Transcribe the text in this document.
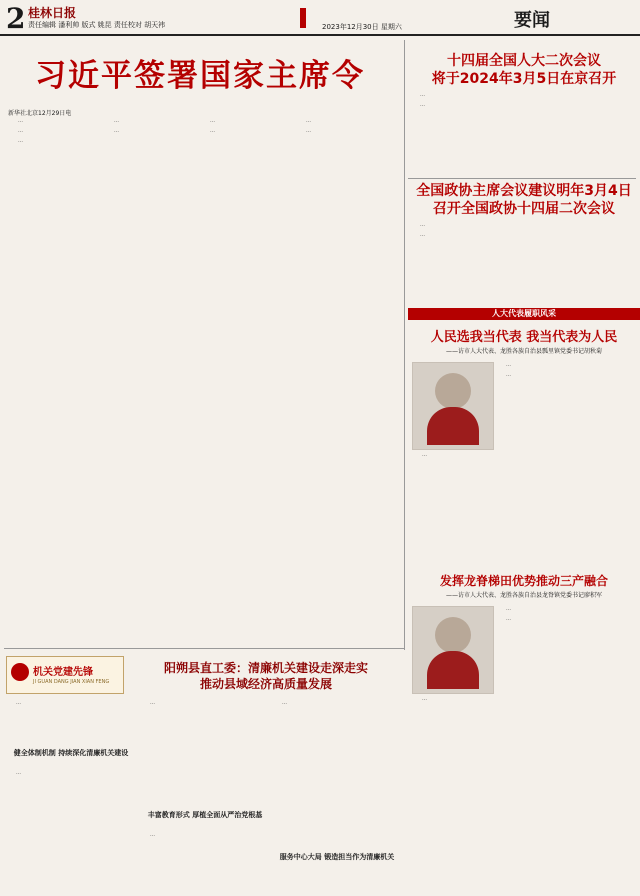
2 桂林日报
责任编辑 潘利帅 版式 姚昆 责任校对 胡天袆	2023年12月30日 星期六	要闻
习近平签署国家主席令
新华社北京12月29日电

…

…

…

…

…

…

…

…

…

十四届全国人大二次会议
将于2024年3月5日在京召开

…

…

全国政协主席会议建议明年3月4日
召开全国政协十四届二次会议

…

…

人大代表履职风采
人民选我当代表 我当代表为人民
——访市人大代表、龙胜各族自治县瓢里镇党委书记胡秋菊

…

…

…

发挥龙脊梯田优势推动三产融合
——访市人大代表、龙胜各族自治县龙脊镇党委书记廖积军

…

…

…

机关党建先锋
JI GUAN DANG JIAN XIAN FENG
阳朔县直工委：清廉机关建设走深走实
推动县域经济高质量发展
健全体制机制 持续深化清廉机关建设
丰富教育形式 厚植全面从严治党根基
服务中心大局 锻造担当作为清廉机关

…

…

…

…

…
